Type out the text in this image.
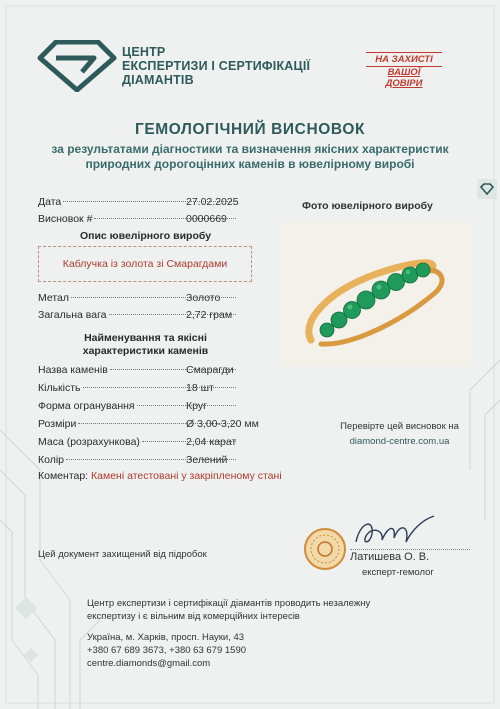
ЦЕНТР
ЕКСПЕРТИЗИ І СЕРТИФІКАЦІЇ
ДІАМАНТІВ
НА ЗАХИСТІ
ВАШОЇ
ДОВІРИ
ГЕМОЛОГІЧНИЙ ВИСНОВОК
за результатами діагностики та визначення якісних характеристик
природних дорогоцінних каменів в ювелірному виробі
Дата	27.02.2025
Висновок #	0000669
Опис ювелірного виробу
Каблучка із золота зі Смарагдами
Метал	Золото
Загальна вага	2,72 грам
Найменування та якісні
характеристики каменів
Назва каменів	Смарагди
Кількість	18 шт
Форма огранування	Круг
Розміри	Ø 3,00-3,20 мм
Маса (розрахункова)	2,04 карат
Колір	Зелений
Коментар: Камені атестовані у закріпленому стані
Фото ювелірного виробу
Перевірте цей висновок на
diamond-centre.com.ua
Цей документ захищений від підробок	Латишева О. В.
експерт-гемолог
Центр експертизи і сертифікації діамантів проводить незалежну
експертизу і є вільним від комерційних інтересів
Україна, м. Харків, просп. Науки, 43
+380 67 689 3673, +380 63 679 1590
centre.diamonds@gmail.com
